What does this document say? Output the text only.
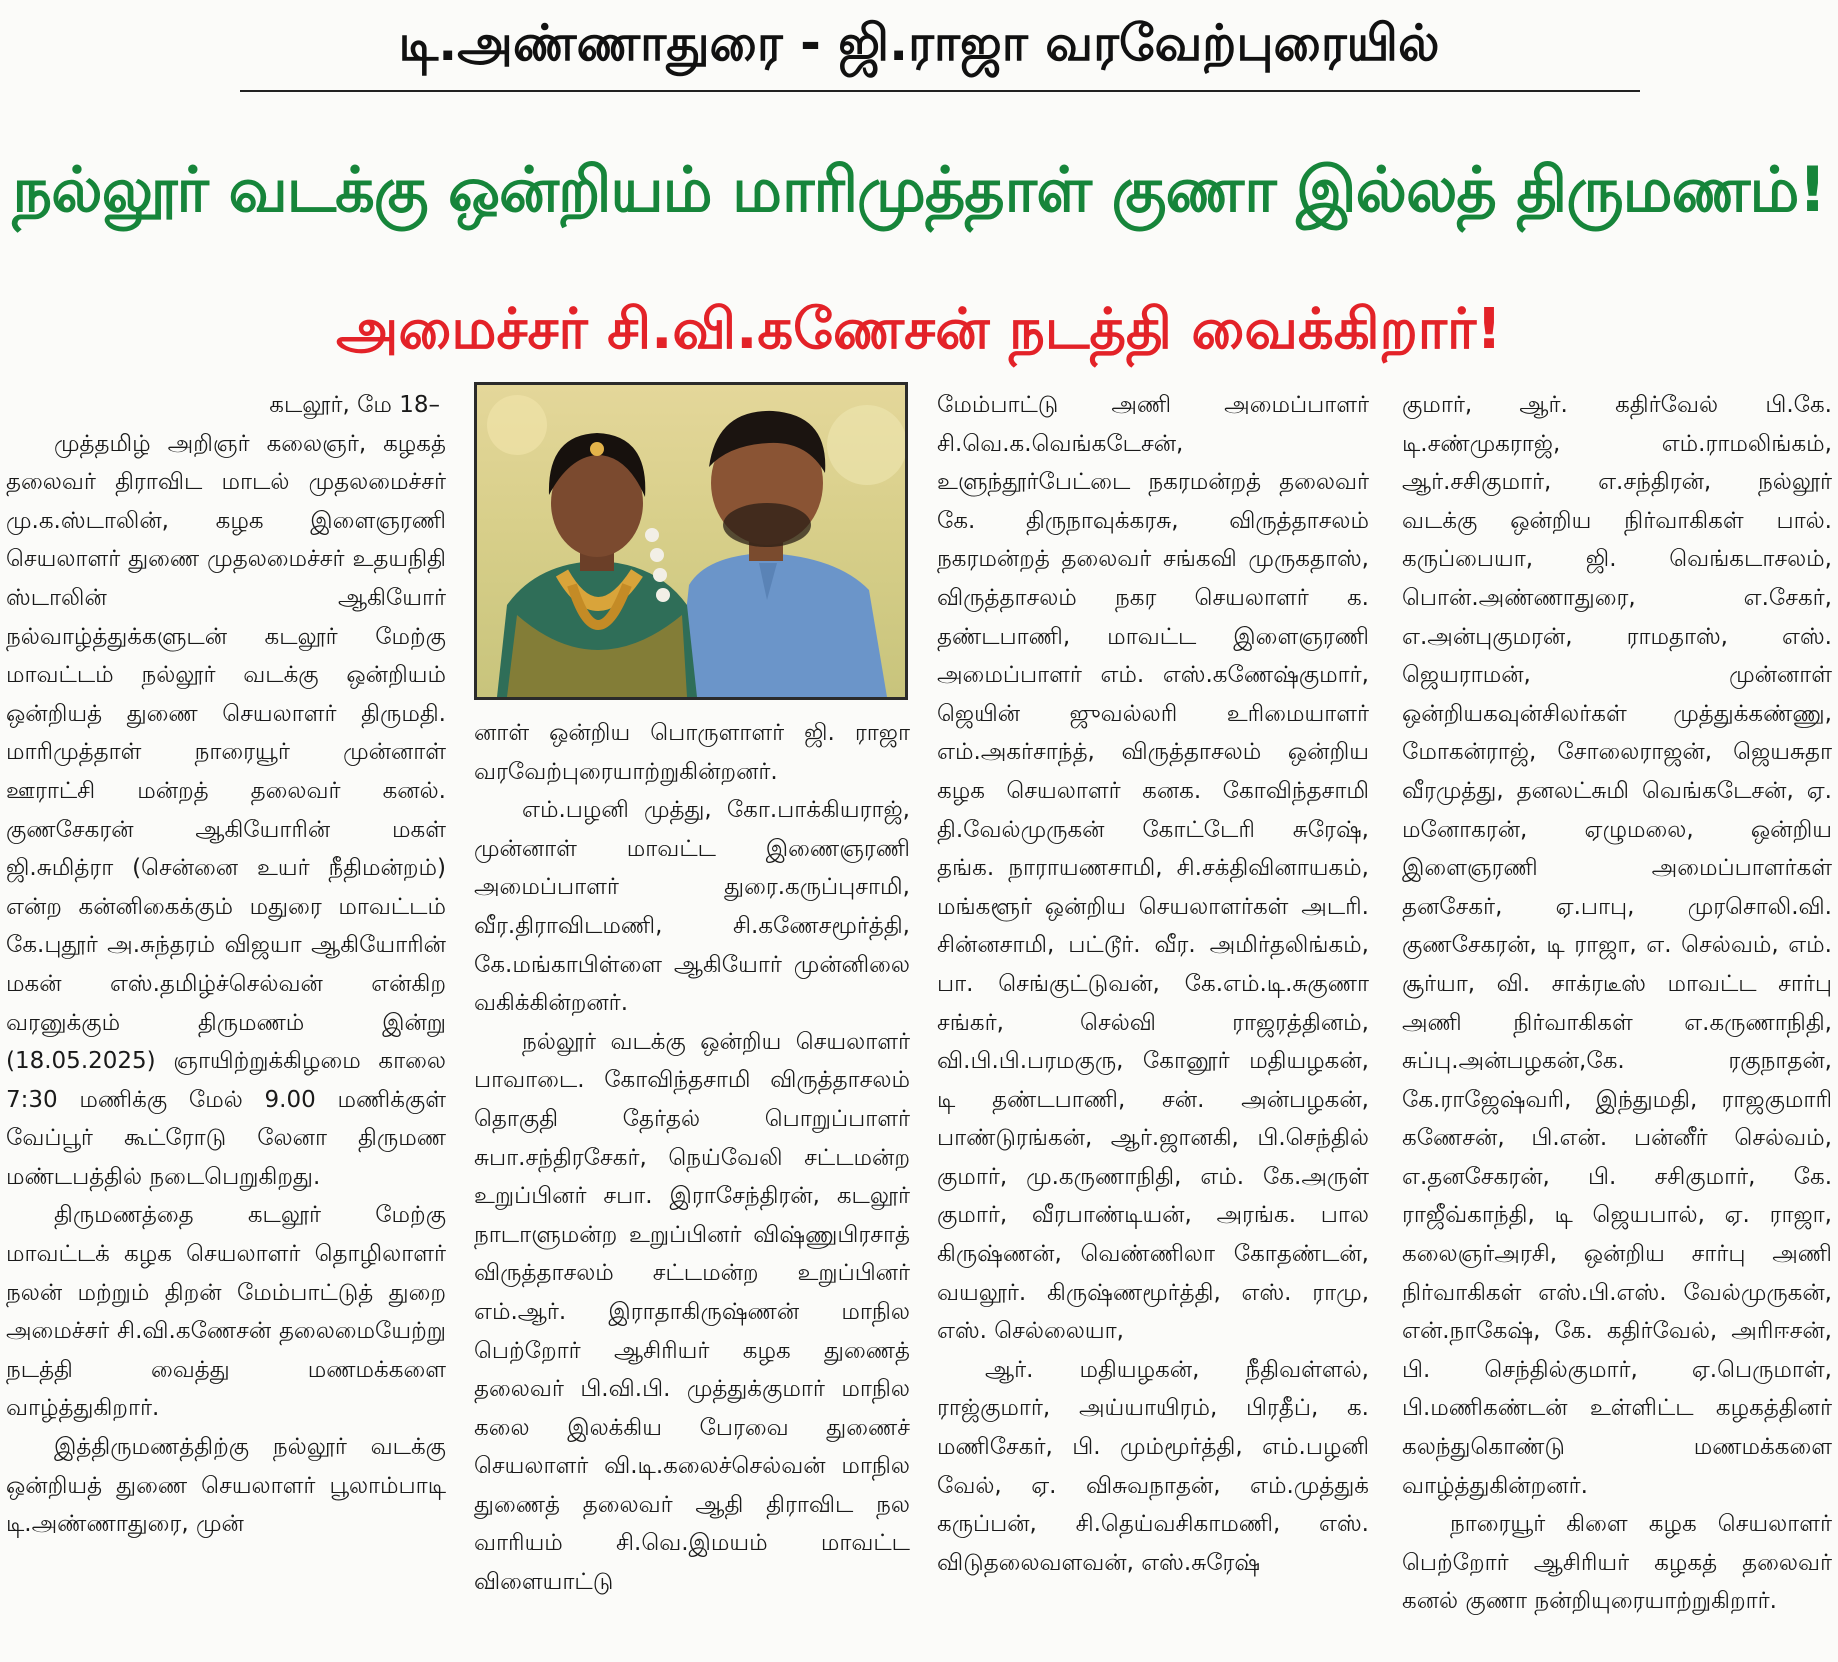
டி.அண்ணாதுரை - ஜி.ராஜா வரவேற்புரையில்
நல்லூர் வடக்கு ஒன்றியம் மாரிமுத்தாள் குணா இல்லத் திருமணம்!
அமைச்சர் சி.வி.கணேசன் நடத்தி வைக்கிறார்!

கடலூர், மே 18–

முத்தமிழ் அறிஞர் கலைஞர், கழகத் தலைவர் திராவிட மாடல் முதலமைச்சர் மு.க.ஸ்டாலின், கழக இளைஞரணி செயலாளர் துணை முதலமைச்சர் உதயநிதி ஸ்டாலின் ஆகியோர் நல்வாழ்த்துக்களுடன் கடலூர் மேற்கு மாவட்டம் நல்லூர் வடக்கு ஒன்றியம் ஒன்றியத் துணை செயலாளர் திருமதி. மாரிமுத்தாள் நாரையூர் முன்னாள் ஊராட்சி மன்றத் தலைவர் கனல். குணசேகரன் ஆகியோரின் மகள் ஜி.சுமித்ரா (சென்னை உயர் நீதிமன்றம்) என்ற கன்னிகைக்கும் மதுரை மாவட்டம் கே.புதூர் அ.சுந்தரம் விஜயா ஆகியோரின் மகன் எஸ்.தமிழ்ச்செல்வன் என்கிற வரனுக்கும் திருமணம் இன்று (18.05.2025) ஞாயிற்றுக்கிழமை காலை 7:30 மணிக்கு மேல் 9.00 மணிக்குள் வேப்பூர் கூட்ரோடு லேனா திருமண மண்டபத்தில் நடைபெறுகிறது.

திருமணத்தை கடலூர் மேற்கு மாவட்டக் கழக செயலாளர் தொழிலாளர் நலன் மற்றும் திறன் மேம்பாட்டுத் துறை அமைச்சர் சி.வி.கணேசன் தலைமையேற்று நடத்தி வைத்து மணமக்களை வாழ்த்துகிறார்.

இத்திருமணத்திற்கு நல்லூர் வடக்கு ஒன்றியத் துணை செயலாளர் பூலாம்பாடி டி.அண்ணாதுரை, முன்

னாள் ஒன்றிய பொருளாளர் ஜி. ராஜா வரவேற்புரையாற்றுகின்றனர்.

எம்.பழனி முத்து, கோ.பாக்கியராஜ், முன்னாள் மாவட்ட இணைஞரணி அமைப்பாளர் துரை.கருப்புசாமி, வீர.திராவிடமணி, சி.கணேசமூர்த்தி, கே.மங்காபிள்ளை ஆகியோர் முன்னிலை வகிக்கின்றனர்.

நல்லூர் வடக்கு ஒன்றிய செயலாளர் பாவாடை. கோவிந்தசாமி விருத்தாசலம் தொகுதி தேர்தல் பொறுப்பாளர் சுபா.சந்திரசேகர், நெய்வேலி சட்டமன்ற உறுப்பினர் சபா. இராசேந்திரன், கடலூர் நாடாளுமன்ற உறுப்பினர் விஷ்ணுபிரசாத் விருத்தாசலம் சட்டமன்ற உறுப்பினர் எம்.ஆர். இராதாகிருஷ்ணன் மாநில பெற்றோர் ஆசிரியர் கழக துணைத் தலைவர் பி.வி.பி. முத்துக்குமார் மாநில கலை இலக்கிய பேரவை துணைச் செயலாளர் வி.டி.கலைச்செல்வன் மாநில துணைத் தலைவர் ஆதி திராவிட நல வாரியம் சி.வெ.இமயம் மாவட்ட விளையாட்டு

மேம்பாட்டு அணி அமைப்பாளர் சி.வெ.க.வெங்கடேசன், உளுந்தூர்பேட்டை நகரமன்றத் தலைவர் கே. திருநாவுக்கரசு, விருத்தாசலம் நகரமன்றத் தலைவர் சங்கவி முருகதாஸ், விருத்தாசலம் நகர செயலாளர் க. தண்டபாணி, மாவட்ட இளைஞரணி அமைப்பாளர் எம். எஸ்.கணேஷ்குமார், ஜெயின் ஜுவல்லரி உரிமையாளர் எம்.அகர்சாந்த், விருத்தாசலம் ஒன்றிய கழக செயலாளர் கனக. கோவிந்தசாமி தி.வேல்முருகன் கோட்டேரி சுரேஷ், தங்க. நாராயணசாமி, சி.சக்திவினாயகம், மங்களூர் ஒன்றிய செயலாளர்கள் அடரி. சின்னசாமி, பட்டூர். வீர. அமிர்தலிங்கம், பா. செங்குட்டுவன், கே.எம்.டி.சுகுணா சங்கர், செல்வி ராஜரத்தினம், வி.பி.பி.பரமகுரு, கோனூர் மதியழகன், டி தண்டபாணி, சன். அன்பழகன், பாண்டுரங்கன், ஆர்.ஜானகி, பி.செந்தில் குமார், மு.கருணாநிதி, எம். கே.அருள் குமார், வீரபாண்டியன், அரங்க. பால கிருஷ்ணன், வெண்ணிலா கோதண்டன், வயலூர். கிருஷ்ணமூர்த்தி, எஸ். ராமு, எஸ். செல்லையா,

ஆர். மதியழகன், நீதிவள்ளல், ராஜ்குமார், அய்யாயிரம், பிரதீப், க. மணிசேகர், பி. மும்மூர்த்தி, எம்.பழனி வேல், ஏ. விசுவநாதன், எம்.முத்துக் கருப்பன், சி.தெய்வசிகாமணி, எஸ். விடுதலைவளவன், எஸ்.சுரேஷ்

குமார், ஆர். கதிர்வேல் பி.கே. டி.சண்முகராஜ், எம்.ராமலிங்கம், ஆர்.சசிகுமார், எ.சந்திரன், நல்லூர் வடக்கு ஒன்றிய நிர்வாகிகள் பால். கருப்பையா, ஜி. வெங்கடாசலம், பொன்.அண்ணாதுரை, எ.சேகர், எ.அன்புகுமரன், ராமதாஸ், எஸ். ஜெயராமன், முன்னாள் ஒன்றியகவுன்சிலர்கள் முத்துக்கண்ணு, மோகன்ராஜ், சோலைராஜன், ஜெயசுதா வீரமுத்து, தனலட்சுமி வெங்கடேசன், ஏ. மனோகரன், ஏழுமலை, ஒன்றிய இளைஞரணி அமைப்பாளர்கள் தனசேகர், ஏ.பாபு, முரசொலி.வி. குணசேகரன், டி ராஜா, எ. செல்வம், எம். சூர்யா, வி. சாக்ரடீஸ் மாவட்ட சார்பு அணி நிர்வாகிகள் எ.கருணாநிதி, சுப்பு.அன்பழகன்,கே. ரகுநாதன், கே.ராஜேஷ்வரி, இந்துமதி, ராஜகுமாரி கணேசன், பி.என். பன்னீர் செல்வம், எ.தனசேகரன், பி. சசிகுமார், கே. ராஜீவ்காந்தி, டி ஜெயபால், ஏ. ராஜா, கலைஞர்அரசி, ஒன்றிய சார்பு அணி நிர்வாகிகள் எஸ்.பி.எஸ். வேல்முருகன், என்.நாகேஷ், கே. கதிர்வேல், அரிஈசன், பி. செந்தில்குமார், ஏ.பெருமாள், பி.மணிகண்டன் உள்ளிட்ட கழகத்தினர் கலந்துகொண்டு மணமக்களை வாழ்த்துகின்றனர்.

நாரையூர் கிளை கழக செயலாளர் பெற்றோர் ஆசிரியர் கழகத் தலைவர் கனல் குணா நன்றியுரையாற்றுகிறார்.
